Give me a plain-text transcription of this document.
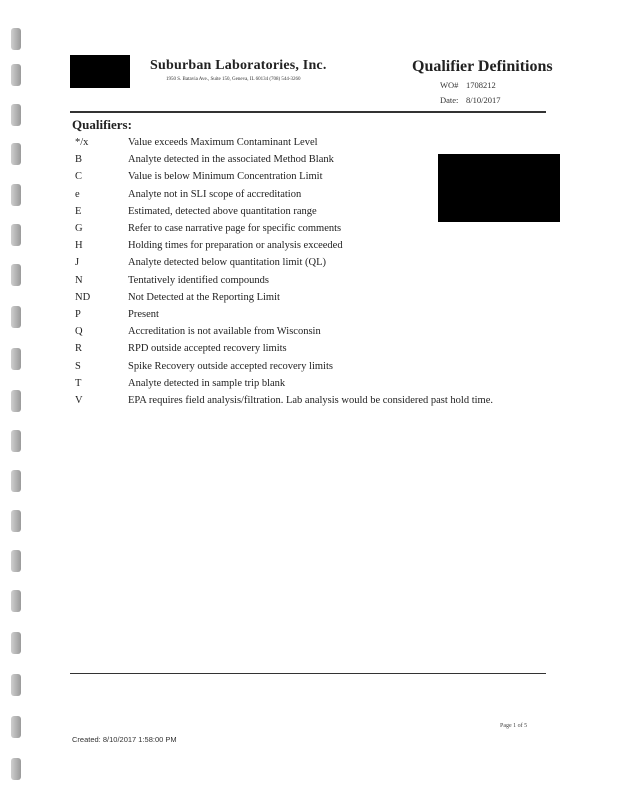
Suburban Laboratories, Inc.
1950 S. Batavia Ave., Suite 150, Geneva, IL 60134 (708) 544-3260
Qualifier Definitions
WO# 1708212
Date: 8/10/2017
Qualifiers:
*/x	Value exceeds Maximum Contaminant Level
B	Analyte detected in the associated Method Blank
C	Value is below Minimum Concentration Limit
e	Analyte not in SLI scope of accreditation
E	Estimated, detected above quantitation range
G	Refer to case narrative page for specific comments
H	Holding times for preparation or analysis exceeded
J	Analyte detected below quantitation limit (QL)
N	Tentatively identified compounds
ND	Not Detected at the Reporting Limit
P	Present
Q	Accreditation is not available from Wisconsin
R	RPD outside accepted recovery limits
S	Spike Recovery outside accepted recovery limits
T	Analyte detected in sample trip blank
V	EPA requires field analysis/filtration. Lab analysis would be considered past hold time.
Page 1 of 5
Created: 8/10/2017 1:58:00 PM
